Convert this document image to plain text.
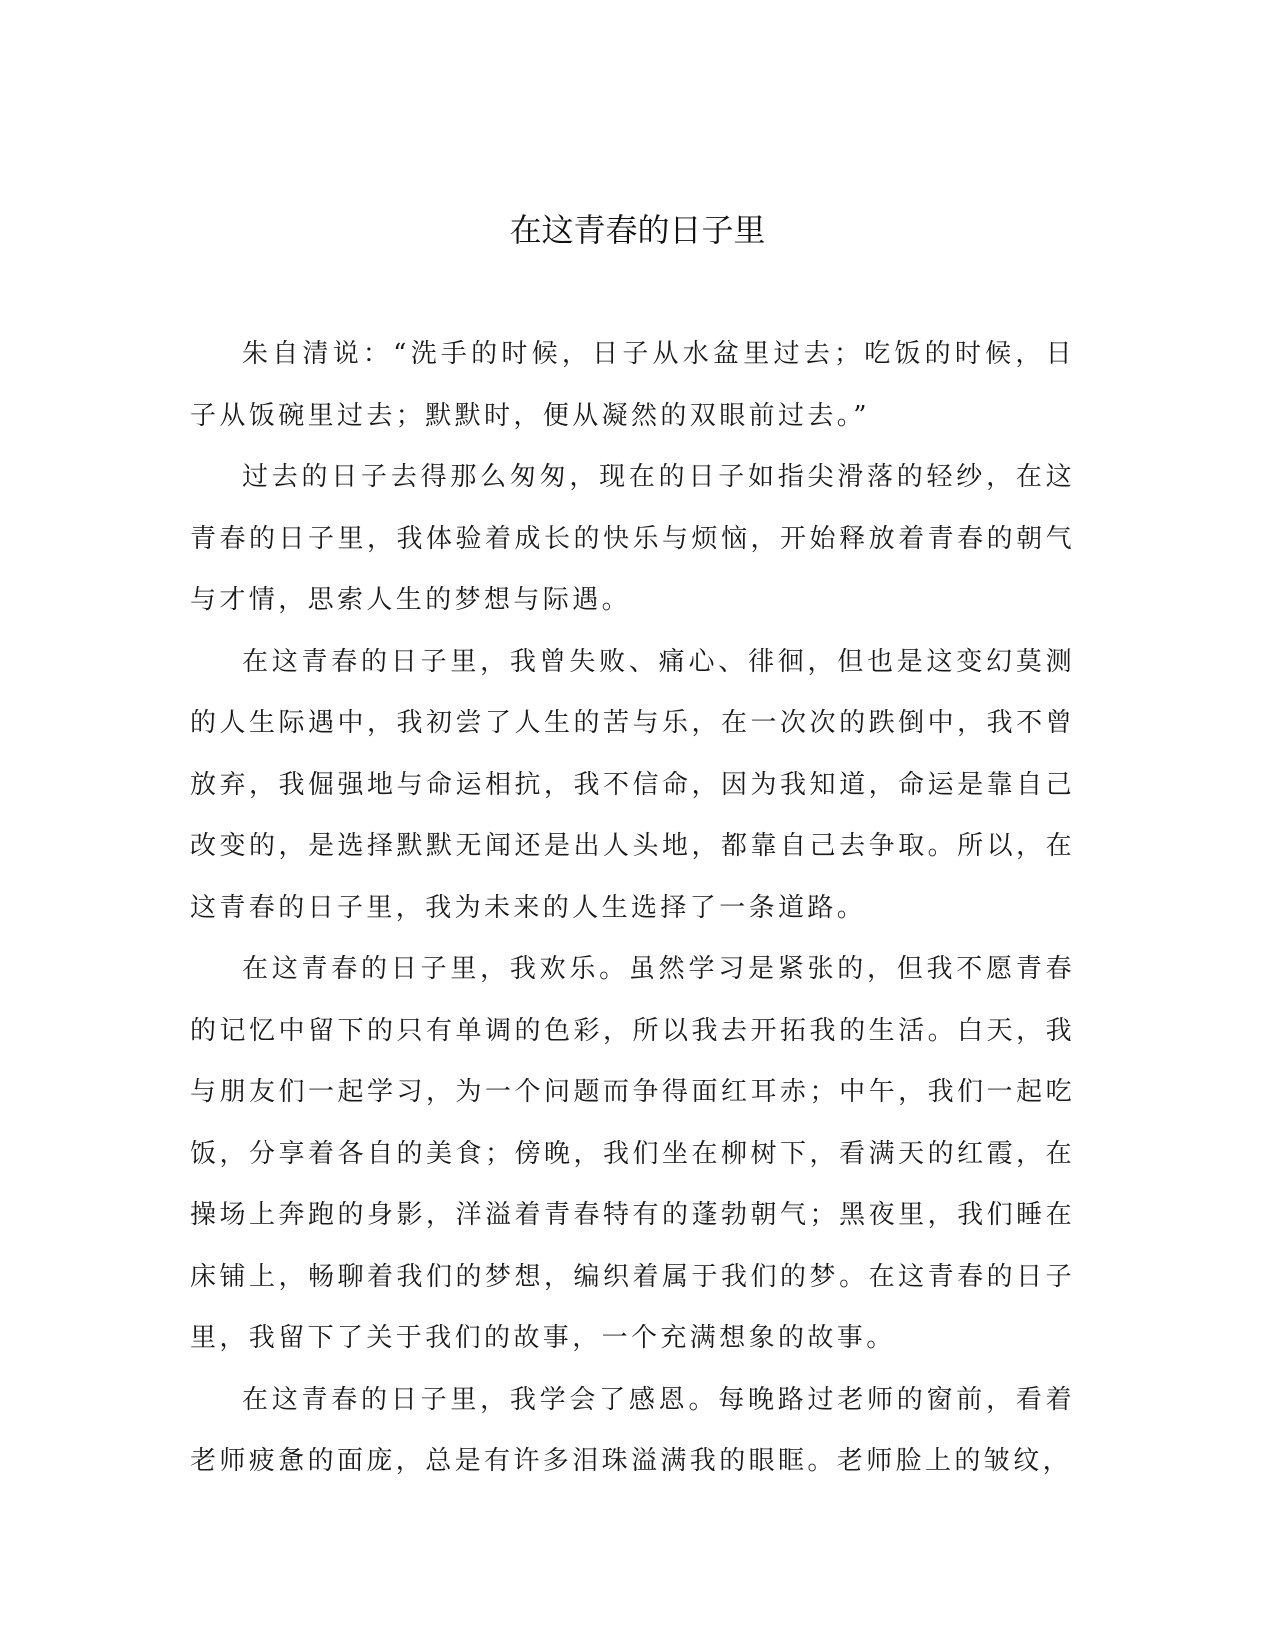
在这青春的日子里

朱自清说：“洗手的时候，日子从水盆里过去；吃饭的时候，日子从饭碗里过去；默默时，便从凝然的双眼前过去。”

过去的日子去得那么匆匆，现在的日子如指尖滑落的轻纱，在这青春的日子里，我体验着成长的快乐与烦恼，开始释放着青春的朝气与才情，思索人生的梦想与际遇。

在这青春的日子里，我曾失败、痛心、徘徊，但也是这变幻莫测的人生际遇中，我初尝了人生的苦与乐，在一次次的跌倒中，我不曾放弃，我倔强地与命运相抗，我不信命，因为我知道，命运是靠自己改变的，是选择默默无闻还是出人头地，都靠自己去争取。所以，在这青春的日子里，我为未来的人生选择了一条道路。

在这青春的日子里，我欢乐。虽然学习是紧张的，但我不愿青春的记忆中留下的只有单调的色彩，所以我去开拓我的生活。白天，我与朋友们一起学习，为一个问题而争得面红耳赤；中午，我们一起吃饭，分享着各自的美食；傍晚，我们坐在柳树下，看满天的红霞，在操场上奔跑的身影，洋溢着青春特有的蓬勃朝气；黑夜里，我们睡在床铺上，畅聊着我们的梦想，编织着属于我们的梦。在这青春的日子里，我留下了关于我们的故事，一个充满想象的故事。

在这青春的日子里，我学会了感恩。每晚路过老师的窗前，看着老师疲惫的面庞，总是有许多泪珠溢满我的眼眶。老师脸上的皱纹，
